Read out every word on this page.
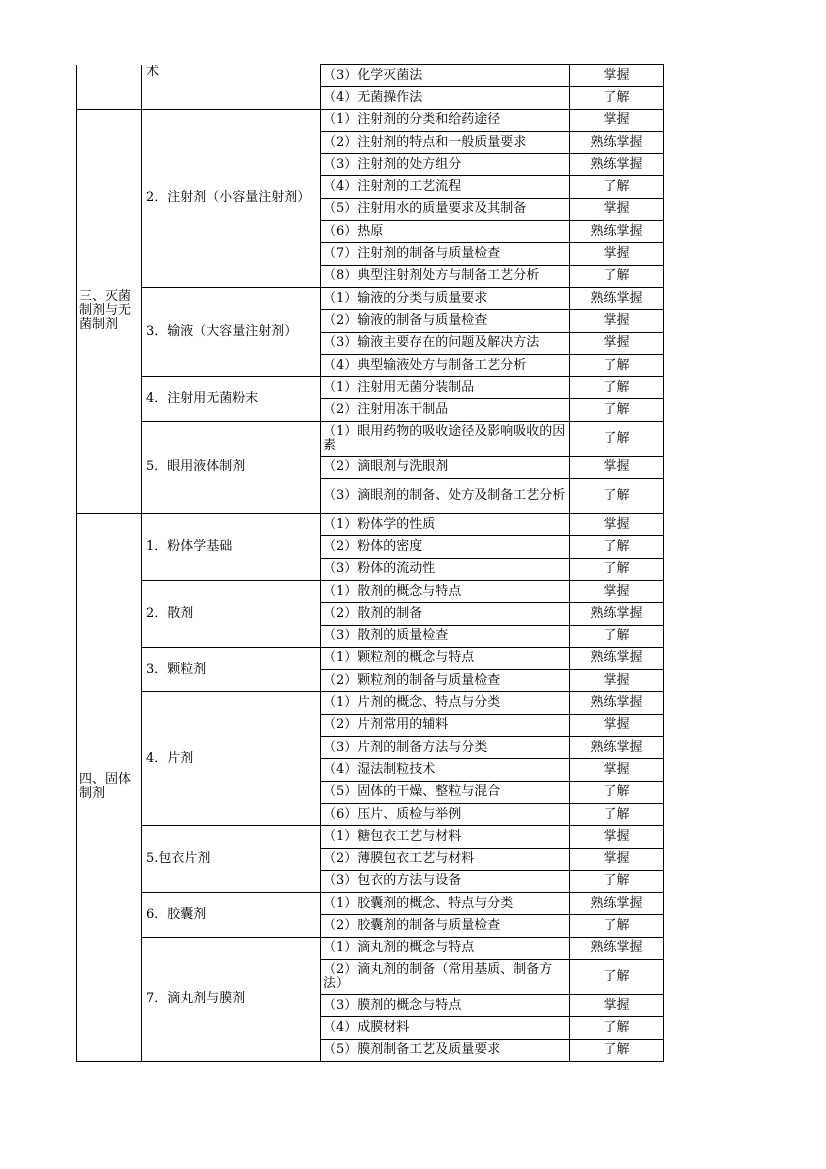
	术	（3）化学灭菌法	掌握
		（4）无菌操作法	了解
三、灭菌制剂与无菌制剂	2．注射剂（小容量注射剂）	（1）注射剂的分类和给药途径	掌握
		（2）注射剂的特点和一般质量要求	熟练掌握
		（3）注射剂的处方组分	熟练掌握
		（4）注射剂的工艺流程	了解
		（5）注射用水的质量要求及其制备	掌握
		（6）热原	熟练掌握
		（7）注射剂的制备与质量检查	掌握
		（8）典型注射剂处方与制备工艺分析	了解
	3．输液（大容量注射剂）	（1）输液的分类与质量要求	熟练掌握
		（2）输液的制备与质量检查	掌握
		（3）输液主要存在的问题及解决方法	掌握
		（4）典型输液处方与制备工艺分析	了解
	4．注射用无菌粉末	（1）注射用无菌分装制品	了解
		（2）注射用冻干制品	了解
	5．眼用液体制剂	（1）眼用药物的吸收途径及影响吸收的因素	了解
		（2）滴眼剂与洗眼剂	掌握
		（3）滴眼剂的制备、处方及制备工艺分析	了解
四、固体制剂	1．粉体学基础	（1）粉体学的性质	掌握
		（2）粉体的密度	了解
		（3）粉体的流动性	了解
	2．散剂	（1）散剂的概念与特点	掌握
		（2）散剂的制备	熟练掌握
		（3）散剂的质量检查	了解
	3．颗粒剂	（1）颗粒剂的概念与特点	熟练掌握
		（2）颗粒剂的制备与质量检查	掌握
	4．片剂	（1）片剂的概念、特点与分类	熟练掌握
		（2）片剂常用的辅料	掌握
		（3）片剂的制备方法与分类	熟练掌握
		（4）湿法制粒技术	掌握
		（5）固体的干燥、整粒与混合	了解
		（6）压片、质检与举例	了解
	5.包衣片剂	（1）糖包衣工艺与材料	掌握
		（2）薄膜包衣工艺与材料	掌握
		（3）包衣的方法与设备	了解
	6．胶囊剂	（1）胶囊剂的概念、特点与分类	熟练掌握
		（2）胶囊剂的制备与质量检查	了解
	7．滴丸剂与膜剂	（1）滴丸剂的概念与特点	熟练掌握
		（2）滴丸剂的制备（常用基质、制备方法）	了解
		（3）膜剂的概念与特点	掌握
		（4）成膜材料	了解
		（5）膜剂制备工艺及质量要求	了解
